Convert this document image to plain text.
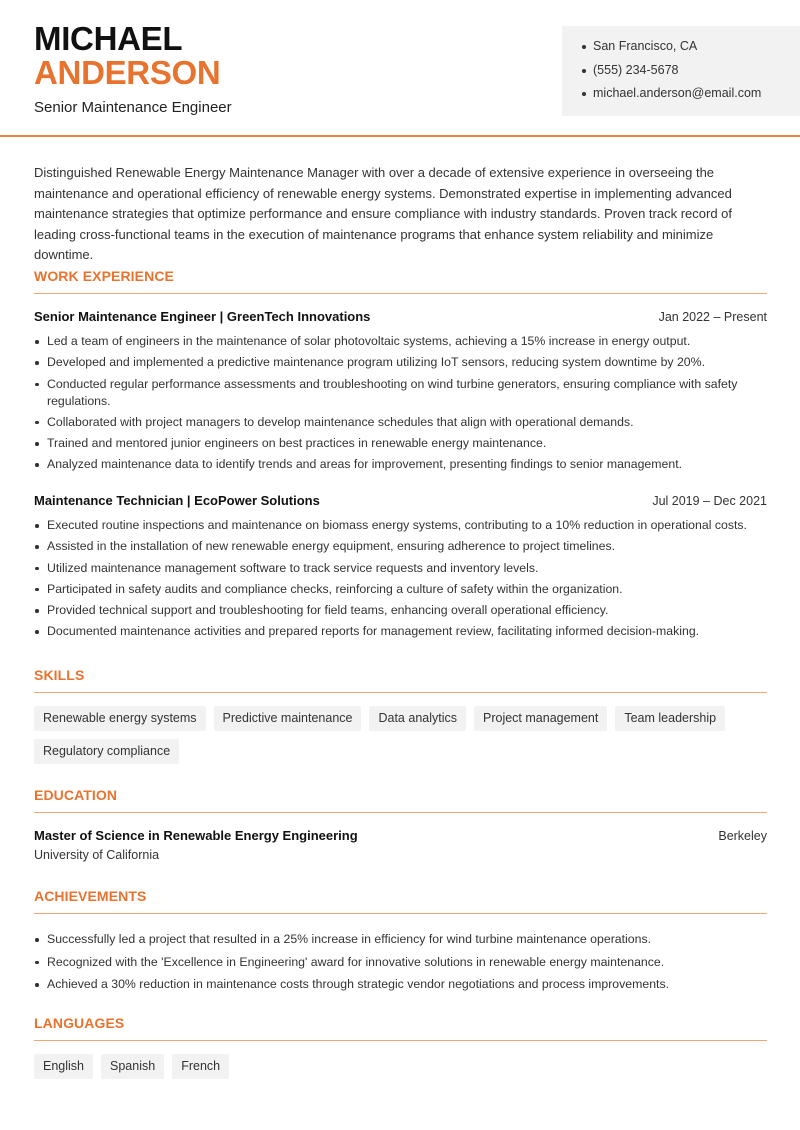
MICHAEL
ANDERSON
Senior Maintenance Engineer
San Francisco, CA
(555) 234-5678
michael.anderson@email.com

Distinguished Renewable Energy Maintenance Manager with over a decade of extensive experience in overseeing the maintenance and operational efficiency of renewable energy systems. Demonstrated expertise in implementing advanced maintenance strategies that optimize performance and ensure compliance with industry standards. Proven track record of leading cross-functional teams in the execution of maintenance programs that enhance system reliability and minimize downtime.

WORK EXPERIENCE
Senior Maintenance Engineer | GreenTech Innovations	Jan 2022 – Present
Led a team of engineers in the maintenance of solar photovoltaic systems, achieving a 15% increase in energy output.
Developed and implemented a predictive maintenance program utilizing IoT sensors, reducing system downtime by 20%.
Conducted regular performance assessments and troubleshooting on wind turbine generators, ensuring compliance with safety regulations.
Collaborated with project managers to develop maintenance schedules that align with operational demands.
Trained and mentored junior engineers on best practices in renewable energy maintenance.
Analyzed maintenance data to identify trends and areas for improvement, presenting findings to senior management.
Maintenance Technician | EcoPower Solutions	Jul 2019 – Dec 2021
Executed routine inspections and maintenance on biomass energy systems, contributing to a 10% reduction in operational costs.
Assisted in the installation of new renewable energy equipment, ensuring adherence to project timelines.
Utilized maintenance management software to track service requests and inventory levels.
Participated in safety audits and compliance checks, reinforcing a culture of safety within the organization.
Provided technical support and troubleshooting for field teams, enhancing overall operational efficiency.
Documented maintenance activities and prepared reports for management review, facilitating informed decision-making.
SKILLS
Renewable energy systems	Predictive maintenance	Data analytics	Project management	Team leadership
Regulatory compliance
EDUCATION
Master of Science in Renewable Energy Engineering	Berkeley
University of California
ACHIEVEMENTS
Successfully led a project that resulted in a 25% increase in efficiency for wind turbine maintenance operations.
Recognized with the 'Excellence in Engineering' award for innovative solutions in renewable energy maintenance.
Achieved a 30% reduction in maintenance costs through strategic vendor negotiations and process improvements.
LANGUAGES
English	Spanish	French
